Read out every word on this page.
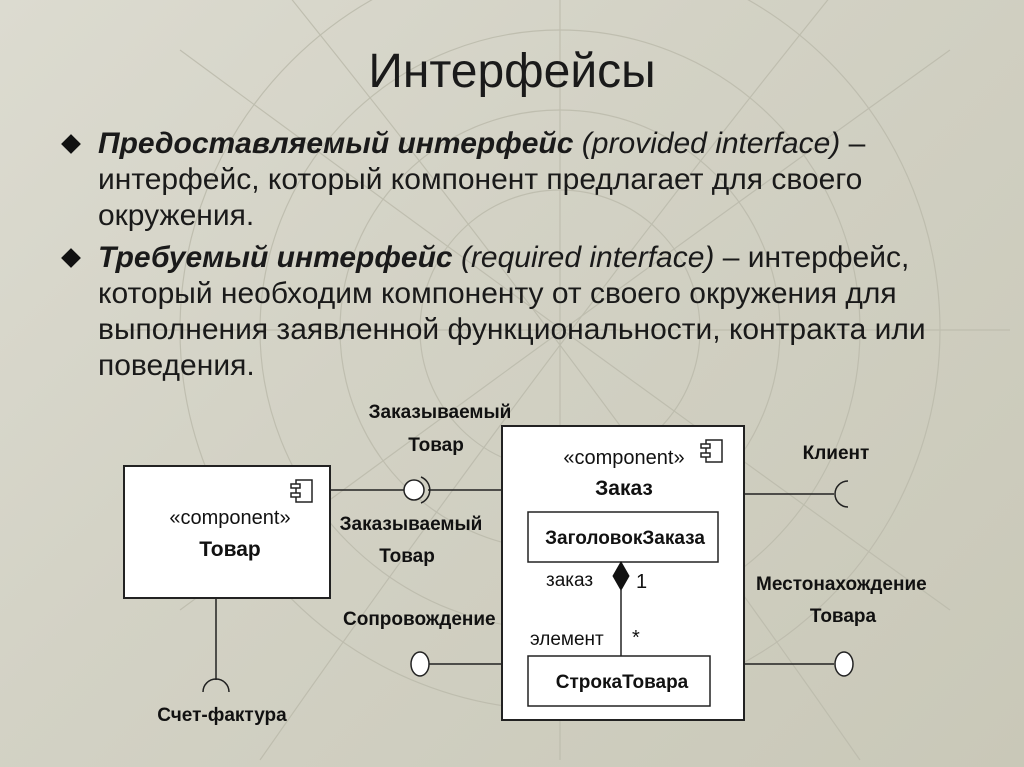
Интерфейсы
Предоставляемый интерфейс (provided interface) – интерфейс, который компонент предлагает для своего окружения.
Требуемый интерфейс (required interface) – интерфейс, который необходим компоненту от своего окружения для выполнения заявленной функциональности, контракта или поведения.
«component»
Товар
«component»
Заказ
ЗаголовокЗаказа
СтрокаТовара
заказ 1
элемент *
Заказываемый
Товар
Заказываемый
Товар
Клиент
Местонахождение
Товара
Сопровождение
Счет-фактура
